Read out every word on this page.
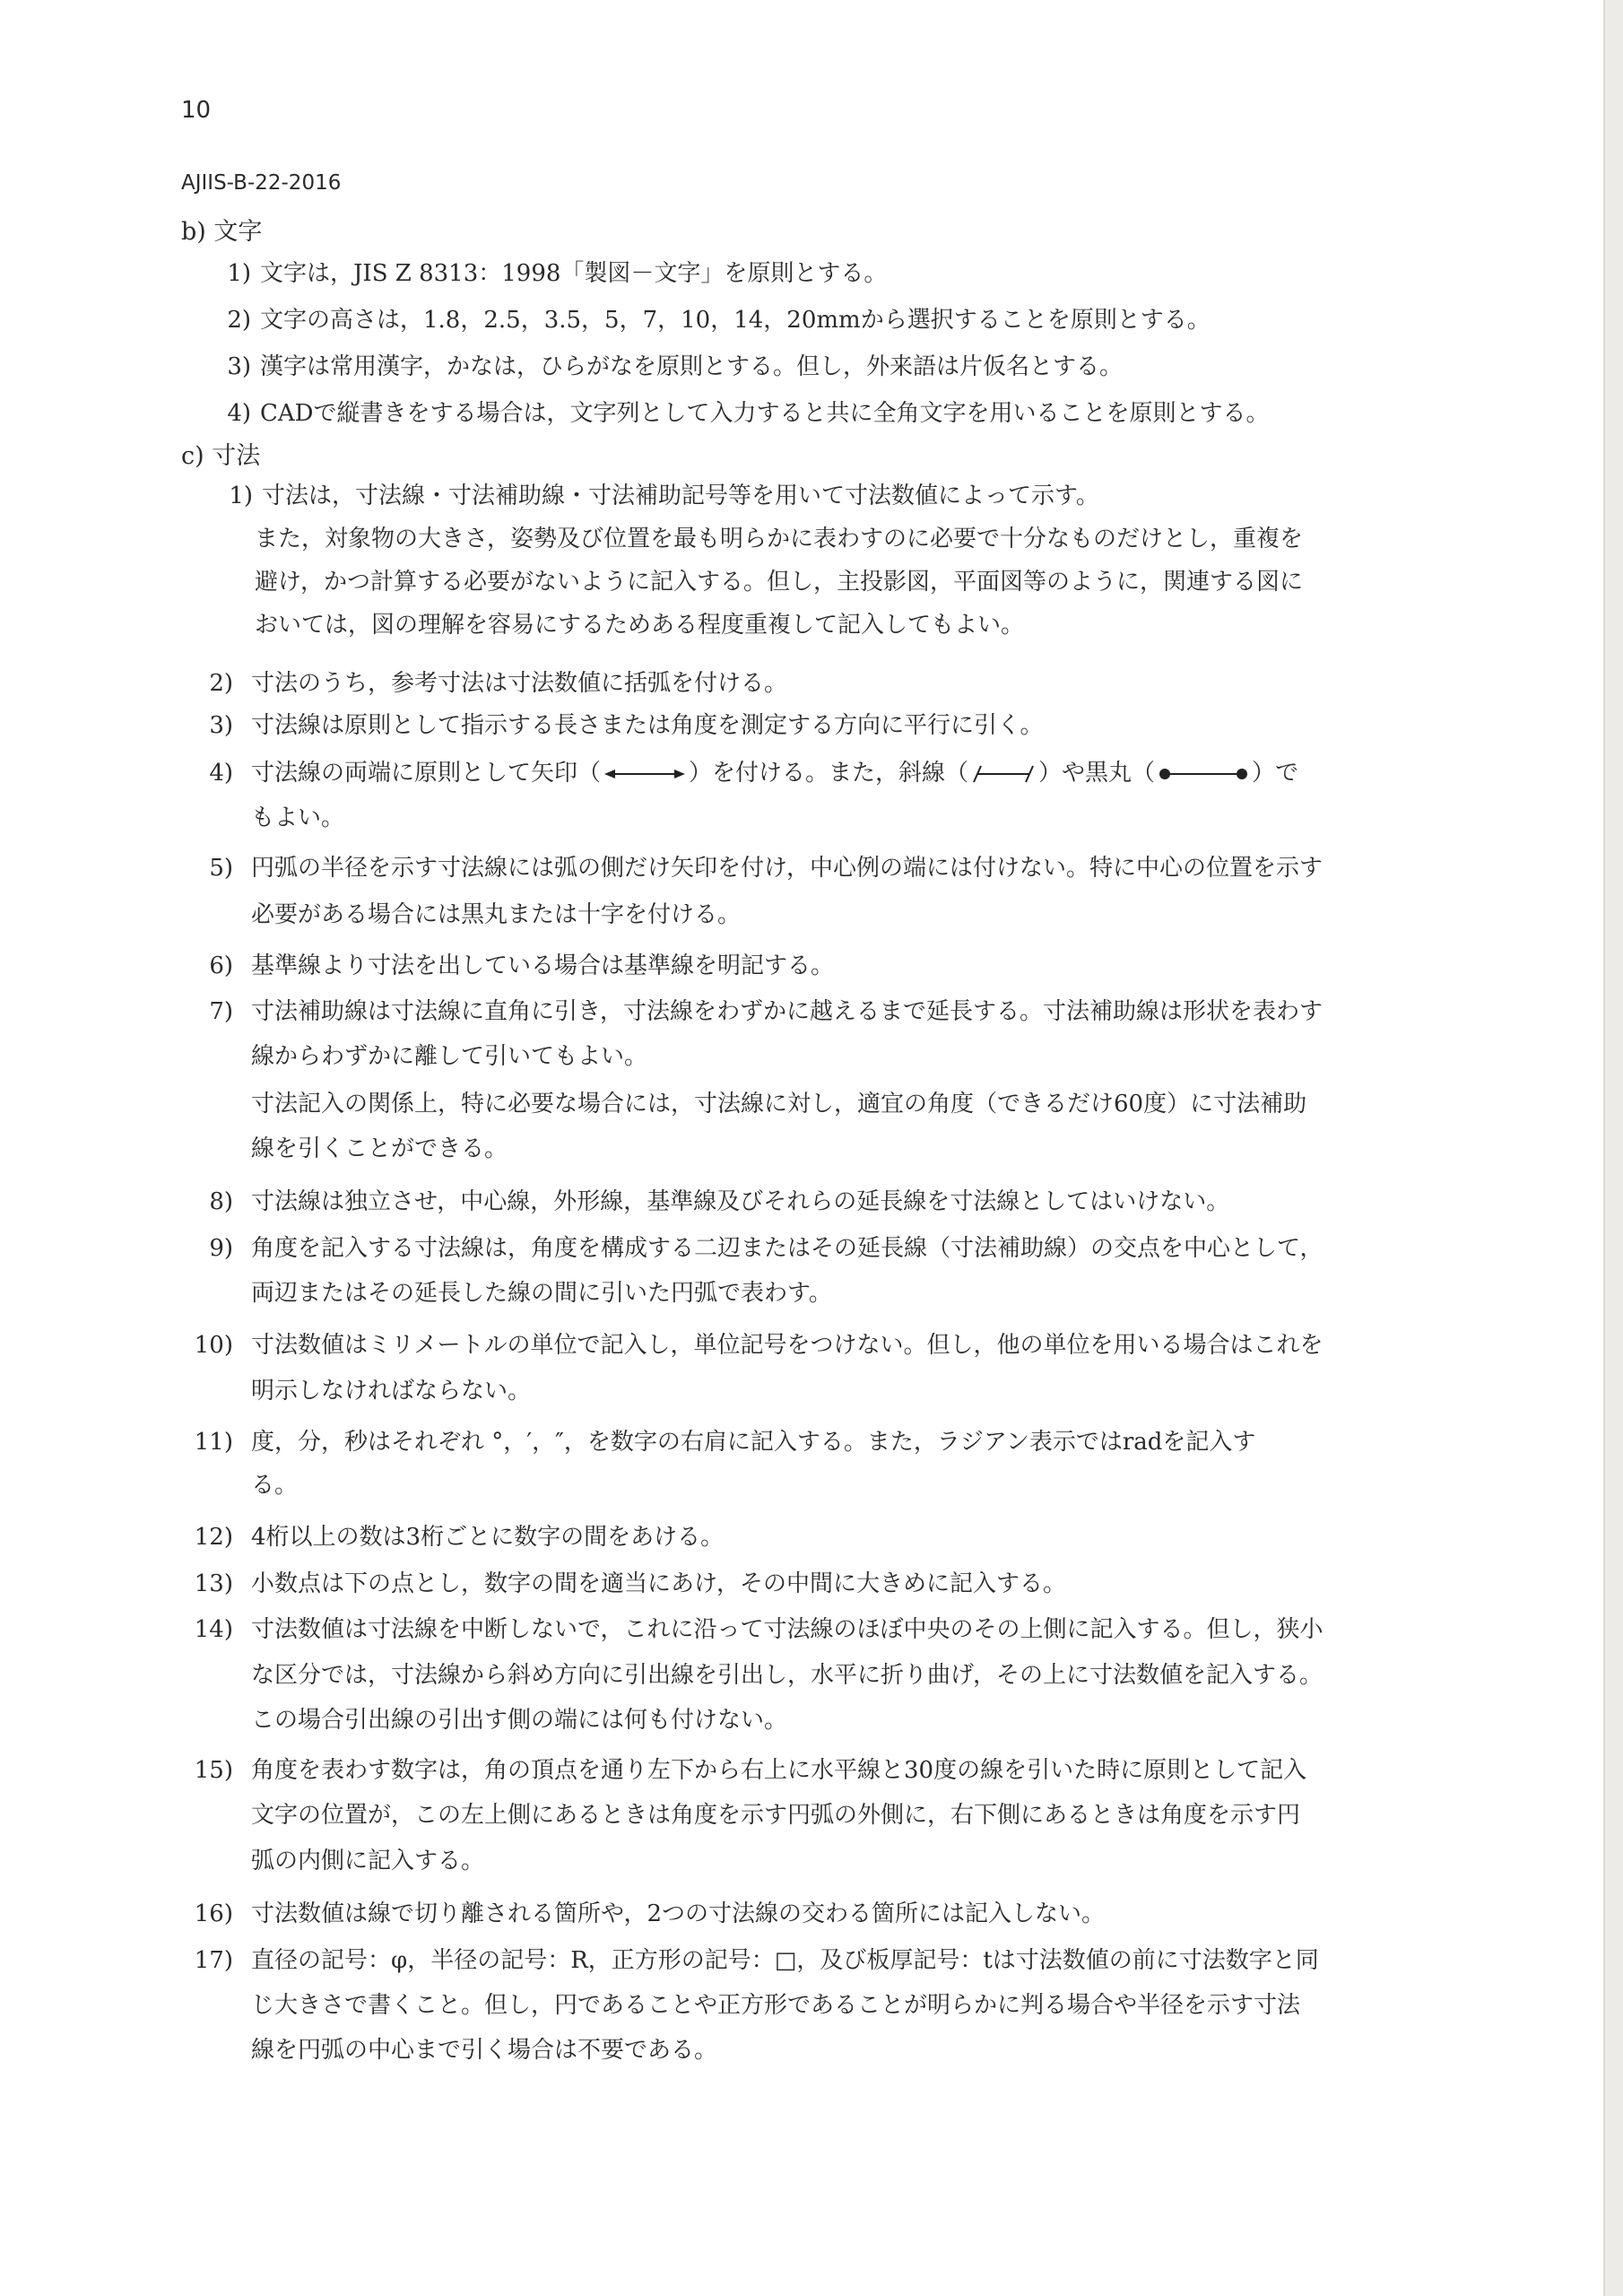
10
AJIIS-B-22-2016
b) 文字
1) 文字は，JIS Z 8313：1998「製図－文字」を原則とする。
2) 文字の高さは，1.8，2.5，3.5，5，7，10，14，20mmから選択することを原則とする。
3) 漢字は常用漢字，かなは，ひらがなを原則とする。但し，外来語は片仮名とする。
4) CADで縦書きをする場合は，文字列として入力すると共に全角文字を用いることを原則とする。
c) 寸法
1) 寸法は，寸法線・寸法補助線・寸法補助記号等を用いて寸法数値によって示す。
また，対象物の大きさ，姿勢及び位置を最も明らかに表わすのに必要で十分なものだけとし，重複を
避け，かつ計算する必要がないように記入する。但し，主投影図，平面図等のように，関連する図に
おいては，図の理解を容易にするためある程度重複して記入してもよい。
2) 寸法のうち，参考寸法は寸法数値に括弧を付ける。
3) 寸法線は原則として指示する長さまたは角度を測定する方向に平行に引く。
4) 寸法線の両端に原則として矢印（	）を付ける。また，斜線（	）や黒丸（	）で
もよい。
5) 円弧の半径を示す寸法線には弧の側だけ矢印を付け，中心例の端には付けない。特に中心の位置を示す
必要がある場合には黒丸または十字を付ける。
6) 基準線より寸法を出している場合は基準線を明記する。
7) 寸法補助線は寸法線に直角に引き，寸法線をわずかに越えるまで延長する。寸法補助線は形状を表わす
線からわずかに離して引いてもよい。
寸法記入の関係上，特に必要な場合には，寸法線に対し，適宜の角度（できるだけ60度）に寸法補助
線を引くことができる。
8) 寸法線は独立させ，中心線，外形線，基準線及びそれらの延長線を寸法線としてはいけない。
9) 角度を記入する寸法線は，角度を構成する二辺またはその延長線（寸法補助線）の交点を中心として，
両辺またはその延長した線の間に引いた円弧で表わす。
10) 寸法数値はミリメートルの単位で記入し，単位記号をつけない。但し，他の単位を用いる場合はこれを
明示しなければならない。
11) 度，分，秒はそれぞれ °，′，″，を数字の右肩に記入する。また，ラジアン表示ではradを記入す
る。
12) 4桁以上の数は3桁ごとに数字の間をあける。
13) 小数点は下の点とし，数字の間を適当にあけ，その中間に大きめに記入する。
14) 寸法数値は寸法線を中断しないで，これに沿って寸法線のほぼ中央のその上側に記入する。但し，狭小
な区分では，寸法線から斜め方向に引出線を引出し，水平に折り曲げ，その上に寸法数値を記入する。
この場合引出線の引出す側の端には何も付けない。
15) 角度を表わす数字は，角の頂点を通り左下から右上に水平線と30度の線を引いた時に原則として記入
文字の位置が，この左上側にあるときは角度を示す円弧の外側に，右下側にあるときは角度を示す円
弧の内側に記入する。
16) 寸法数値は線で切り離される箇所や，2つの寸法線の交わる箇所には記入しない。
17) 直径の記号：φ，半径の記号：R，正方形の記号：□，及び板厚記号：tは寸法数値の前に寸法数字と同
じ大きさで書くこと。但し，円であることや正方形であることが明らかに判る場合や半径を示す寸法
線を円弧の中心まで引く場合は不要である。
